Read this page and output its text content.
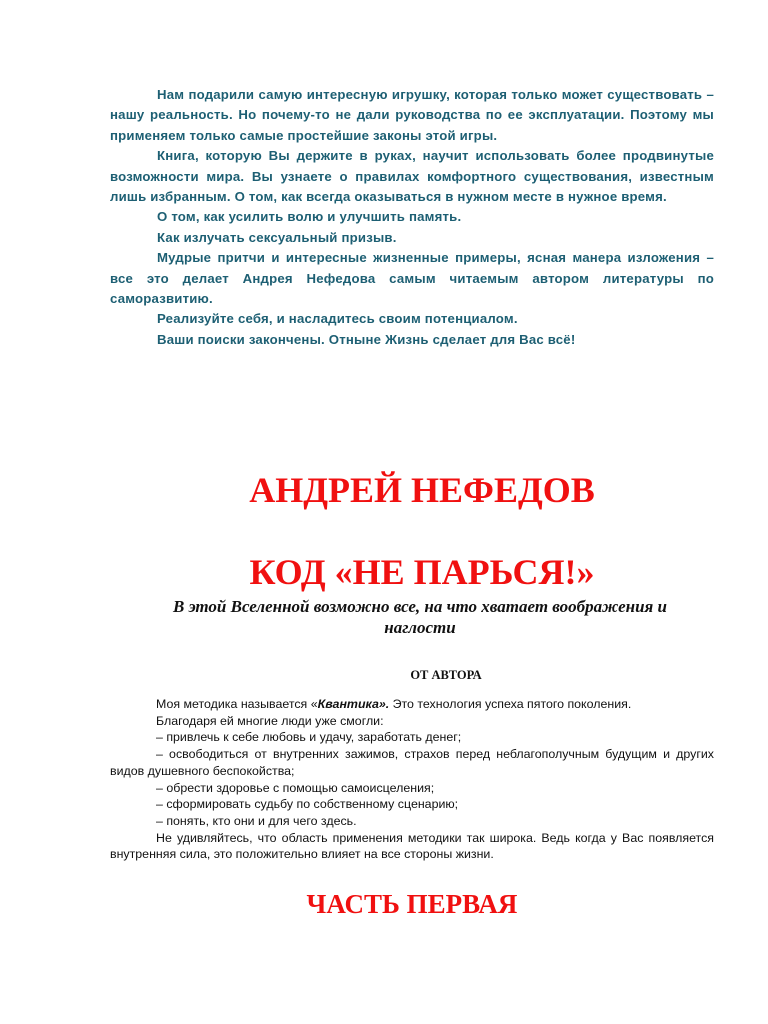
Нам подарили самую интересную игрушку, которая только может существовать – нашу реальность. Но почему-то не дали руководства по ее эксплуатации. Поэтому мы применяем только самые простейшие законы этой игры.

Книга, которую Вы держите в руках, научит использовать более продвинутые возможности мира. Вы узнаете о правилах комфортного существования, известным лишь избранным. О том, как всегда оказываться в нужном месте в нужное время.

О том, как усилить волю и улучшить память.

Как излучать сексуальный призыв.

Мудрые притчи и интересные жизненные примеры, ясная манера изложения – все это делает Андрея Нефедова самым читаемым автором литературы по саморазвитию.

Реализуйте себя, и насладитесь своим потенциалом.

Ваши поиски закончены. Отныне Жизнь сделает для Вас всё!

АНДРЕЙ НЕФЕДОВ
КОД «НЕ ПАРЬСЯ!»
В этой Вселенной возможно все, на что хватает воображения и наглости
ОТ АВТОРА

Моя методика называется «Квантика». Это технология успеха пятого поколения.

Благодаря ей многие люди уже смогли:

– привлечь к себе любовь и удачу, заработать денег;

– освободиться от внутренних зажимов, страхов перед неблагополучным будущим и других видов душевного беспокойства;

– обрести здоровье с помощью самоисцеления;

– сформировать судьбу по собственному сценарию;

– понять, кто они и для чего здесь.

Не удивляйтесь, что область применения методики так широка. Ведь когда у Вас появляется внутренняя сила, это положительно влияет на все стороны жизни.

ЧАСТЬ ПЕРВАЯ
